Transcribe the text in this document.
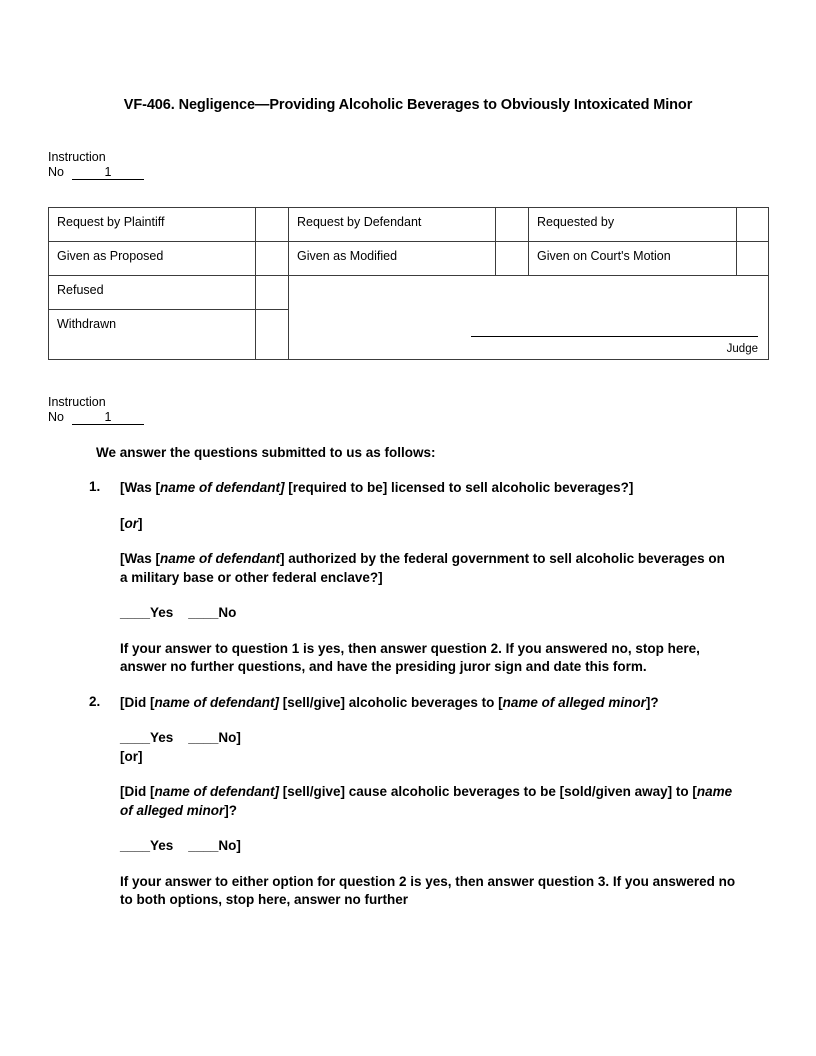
VF-406. Negligence—Providing Alcoholic Beverages to Obviously Intoxicated Minor
Instruction
No	1
Request by Plaintiff		Request by Defendant		Requested by	
Given as Proposed		Given as Modified		Given on Court's Motion	
Refused		Judge			

Withdrawn					
Instruction
No	1
We answer the questions submitted to us as follows:
1. [Was [name of defendant] [required to be] licensed to sell alcoholic beverages?]
[or]
[Was [name of defendant] authorized by the federal government to sell alcoholic beverages on a military base or other federal enclave?]
____Yes    ____No
If your answer to question 1 is yes, then answer question 2. If you answered no, stop here, answer no further questions, and have the presiding juror sign and date this form.
2. [Did [name of defendant] [sell/give] alcoholic beverages to [name of alleged minor]?
____Yes    ____No]
[or]
[Did [name of defendant] [sell/give] cause alcoholic beverages to be [sold/given away] to [name of alleged minor]?
____Yes    ____No]
If your answer to either option for question 2 is yes, then answer question 3. If you answered no to both options, stop here, answer no further
